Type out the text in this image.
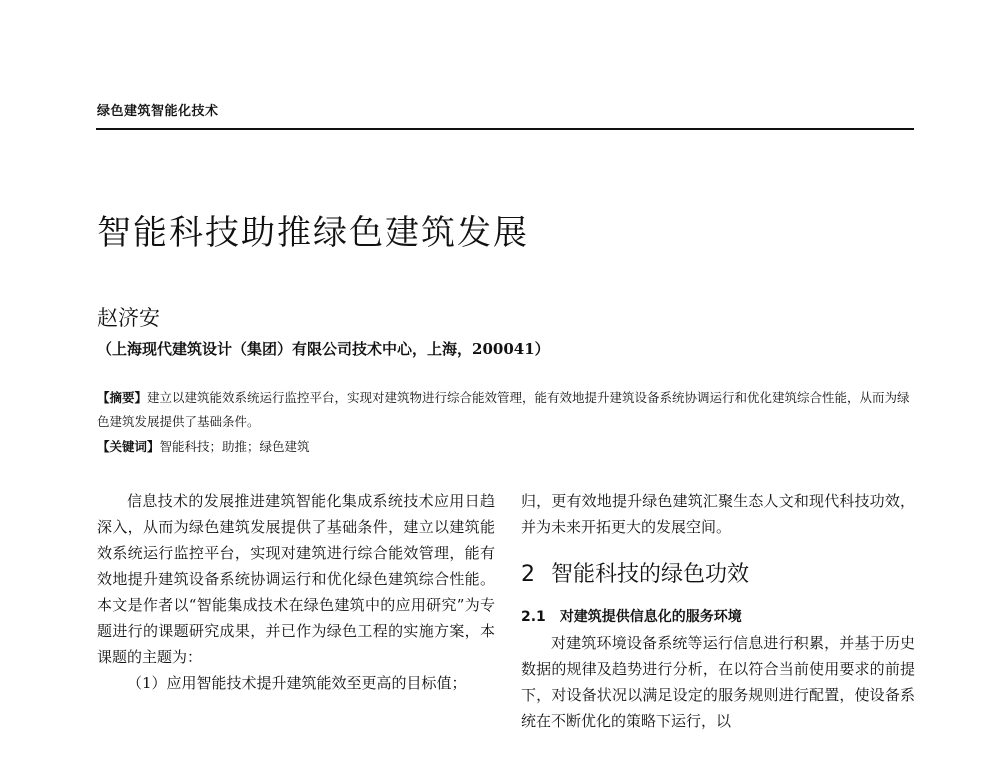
绿色建筑智能化技术
智能科技助推绿色建筑发展
赵济安
（上海现代建筑设计（集团）有限公司技术中心，上海，200041）
【摘要】建立以建筑能效系统运行监控平台，实现对建筑物进行综合能效管理，能有效地提升建筑设备系统协调运行和优化建筑综合性能，从而为绿色建筑发展提供了基础条件。
【关键词】智能科技；助推；绿色建筑

信息技术的发展推进建筑智能化集成系统技术应用日趋深入，从而为绿色建筑发展提供了基础条件，建立以建筑能效系统运行监控平台，实现对建筑进行综合能效管理，能有效地提升建筑设备系统协调运行和优化绿色建筑综合性能。本文是作者以“智能集成技术在绿色建筑中的应用研究”为专题进行的课题研究成果，并已作为绿色工程的实施方案，本课题的主题为：

（1）应用智能技术提升建筑能效至更高的目标值；

归，更有效地提升绿色建筑汇聚生态人文和现代科技功效，并为未来开拓更大的发展空间。

2 智能科技的绿色功效
2.1 对建筑提供信息化的服务环境

对建筑环境设备系统等运行信息进行积累，并基于历史数据的规律及趋势进行分析，在以符合当前使用要求的前提下，对设备状况以满足设定的服务规则进行配置，使设备系统在不断优化的策略下运行，以
